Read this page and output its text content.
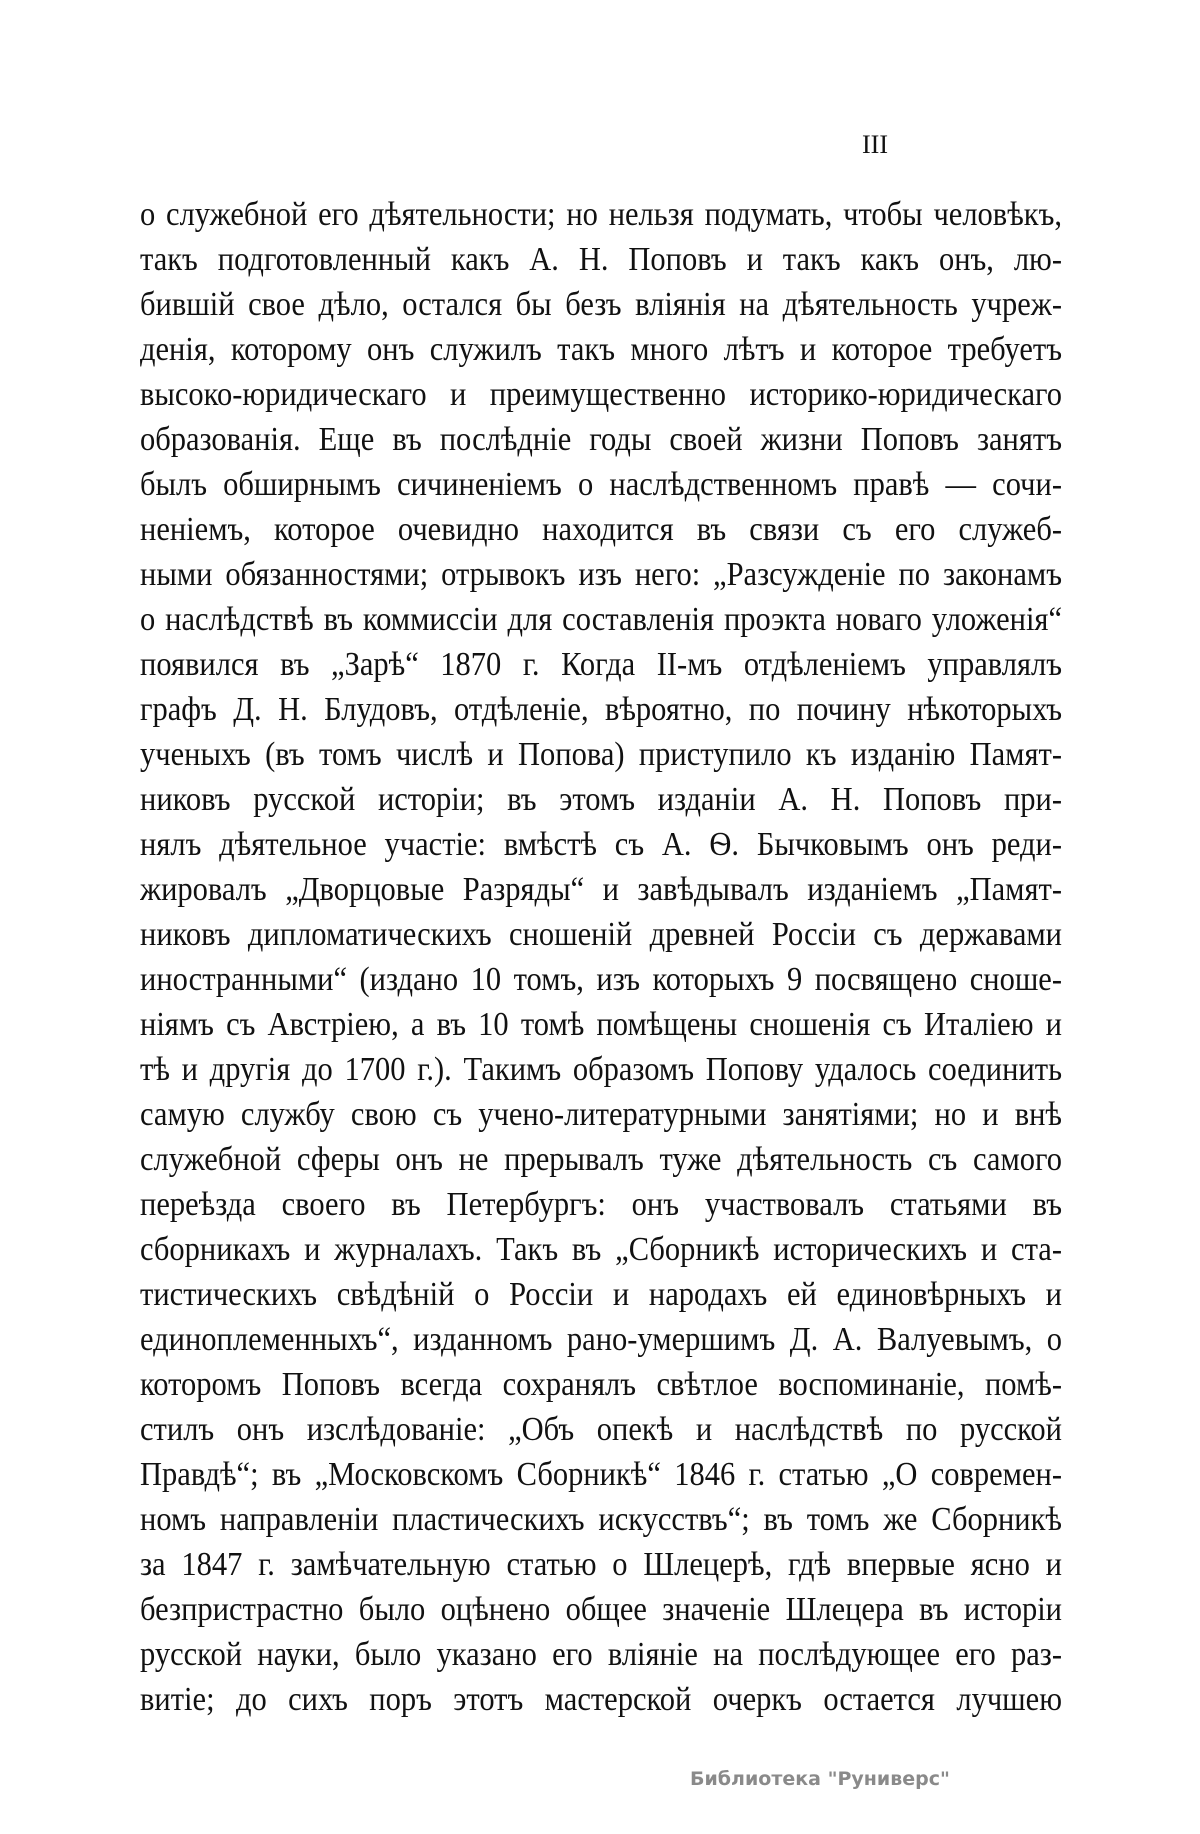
III
о служебной его дѣятельности; но нельзя подумать, чтобы человѣкъ,
такъ подготовленный какъ А. Н. Поповъ и такъ какъ онъ, лю-
бившій свое дѣло, остался бы безъ вліянія на дѣятельность учреж-
денія, которому онъ служилъ такъ много лѣтъ и которое требуетъ
высоко-юридическаго и преимущественно историко-юридическаго
образованія. Еще въ послѣдніе годы своей жизни Поповъ занятъ
былъ обширнымъ сичиненіемъ о наслѣдственномъ правѣ — сочи-
неніемъ, которое очевидно находится въ связи съ его служеб-
ными обязанностями; отрывокъ изъ него: „Разсужденіе по законамъ
о наслѣдствѣ въ коммиссіи для составленія проэкта новаго уложенія“
появился въ „Зарѣ“ 1870 г. Когда II-мъ отдѣленіемъ управлялъ
графъ Д. Н. Блудовъ, отдѣленіе, вѣроятно, по почину нѣкоторыхъ
ученыхъ (въ томъ числѣ и Попова) приступило къ изданію Памят-
никовъ русской исторіи; въ этомъ изданіи А. Н. Поповъ при-
нялъ дѣятельное участіе: вмѣстѣ съ А. Ѳ. Бычковымъ онъ реди-
жировалъ „Дворцовые Разряды“ и завѣдывалъ изданіемъ „Памят-
никовъ дипломатическихъ сношеній древней Россіи съ державами
иностранными“ (издано 10 томъ, изъ которыхъ 9 посвящено сноше-
ніямъ съ Австріею, а въ 10 томѣ помѣщены сношенія съ Италіею и
тѣ и другія до 1700 г.). Такимъ образомъ Попову удалось соединить
самую службу свою съ учено-литературными занятіями; но и внѣ
служебной сферы онъ не прерывалъ туже дѣятельность съ самого
переѣзда своего въ Петербургъ: онъ участвовалъ статьями въ
сборникахъ и журналахъ. Такъ въ „Сборникѣ историческихъ и ста-
тистическихъ свѣдѣній о Россіи и народахъ ей единовѣрныхъ и
единоплеменныхъ“, изданномъ рано-умершимъ Д. А. Валуевымъ, о
которомъ Поповъ всегда сохранялъ свѣтлое воспоминаніе, помѣ-
стилъ онъ изслѣдованіе: „Объ опекѣ и наслѣдствѣ по русской
Правдѣ“; въ „Московскомъ Сборникѣ“ 1846 г. статью „О современ-
номъ направленіи пластическихъ искусствъ“; въ томъ же Сборникѣ
за 1847 г. замѣчательную статью о Шлецерѣ, гдѣ впервые ясно и
безпристрастно было оцѣнено общее значеніе Шлецера въ исторіи
русской науки, было указано его вліяніе на послѣдующее его раз-
витіе; до сихъ поръ этотъ мастерской очеркъ остается лучшею
Библиотека "Руниверс"
